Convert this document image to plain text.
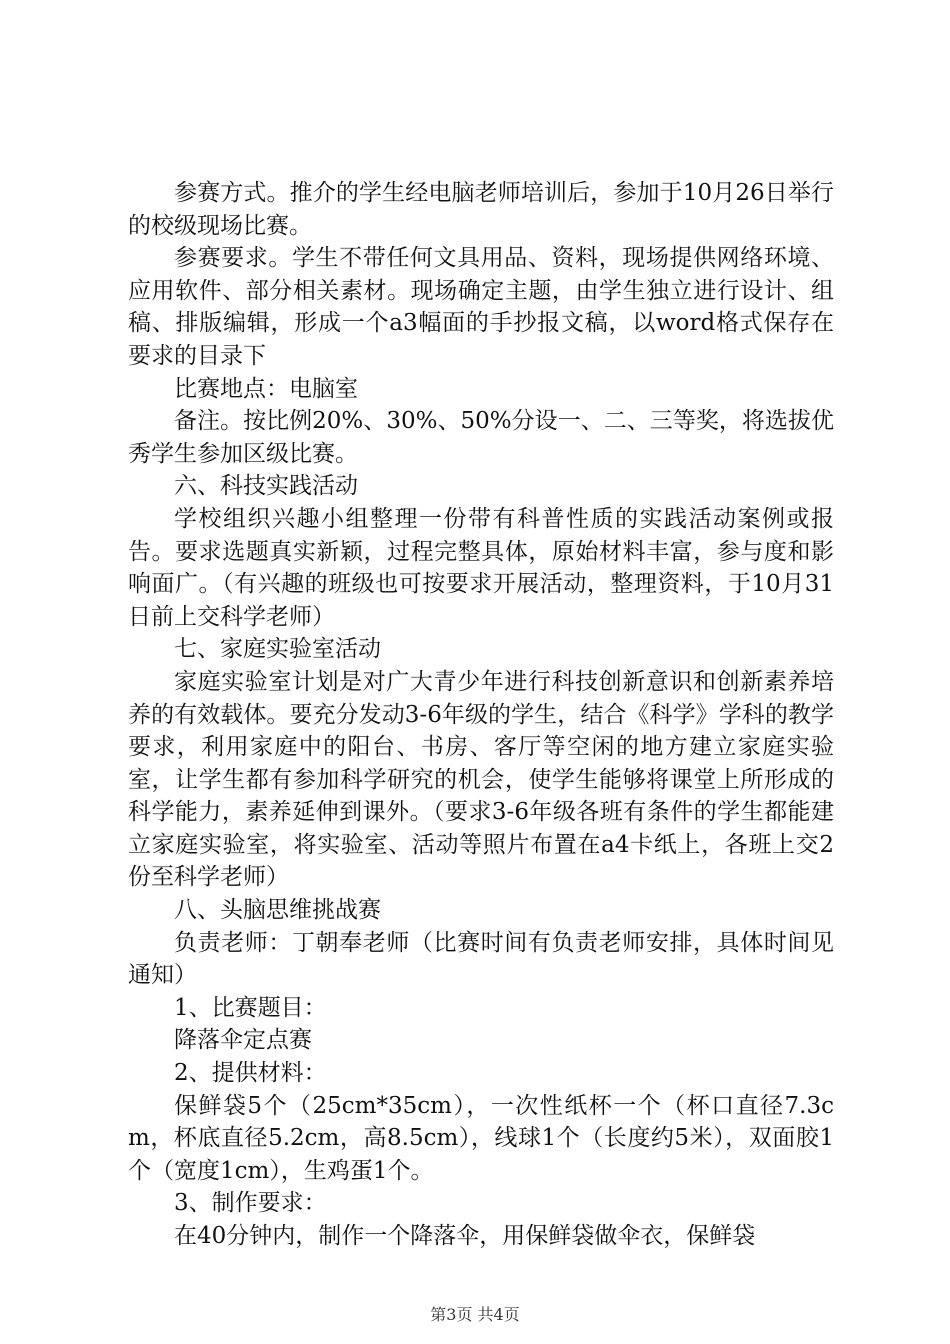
参赛方式。推介的学生经电脑老师培训后，参加于10月26日举行的校级现场比赛。

参赛要求。学生不带任何文具用品、资料，现场提供网络环境、应用软件、部分相关素材。现场确定主题，由学生独立进行设计、组稿、排版编辑，形成一个a3幅面的手抄报文稿，以word格式保存在要求的目录下

比赛地点：电脑室

备注。按比例20%、30%、50%分设一、二、三等奖，将选拔优秀学生参加区级比赛。

六、科技实践活动

学校组织兴趣小组整理一份带有科普性质的实践活动案例或报告。要求选题真实新颖，过程完整具体，原始材料丰富，参与度和影响面广。（有兴趣的班级也可按要求开展活动，整理资料，于10月31日前上交科学老师）

七、家庭实验室活动

家庭实验室计划是对广大青少年进行科技创新意识和创新素养培养的有效载体。要充分发动3-6年级的学生，结合《科学》学科的教学要求，利用家庭中的阳台、书房、客厅等空闲的地方建立家庭实验室，让学生都有参加科学研究的机会，使学生能够将课堂上所形成的科学能力，素养延伸到课外。（要求3-6年级各班有条件的学生都能建立家庭实验室，将实验室、活动等照片布置在a4卡纸上，各班上交2份至科学老师）

八、头脑思维挑战赛

负责老师：丁朝奉老师（比赛时间有负责老师安排，具体时间见通知）

1、比赛题目：

降落伞定点赛

2、提供材料：

保鲜袋5个（25cm*35cm），一次性纸杯一个（杯口直径7.3cm，杯底直径5.2cm，高8.5cm），线球1个（长度约5米），双面胶1个（宽度1cm），生鸡蛋1个。

3、制作要求：

在40分钟内，制作一个降落伞，用保鲜袋做伞衣，保鲜袋

第3页 共4页
